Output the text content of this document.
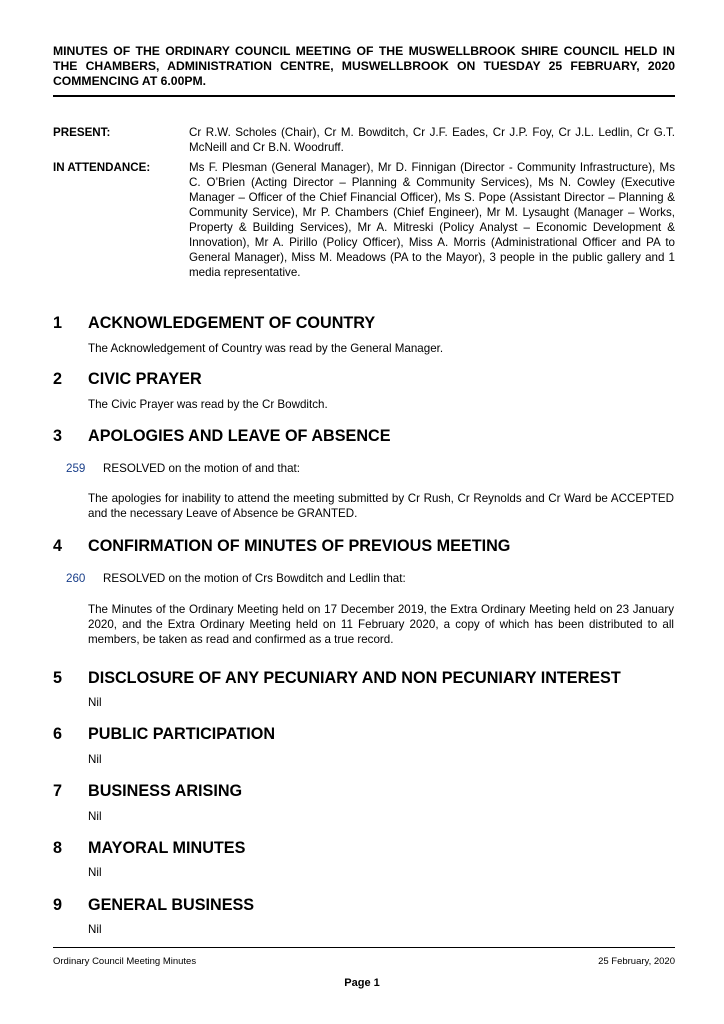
MINUTES OF THE ORDINARY COUNCIL MEETING OF THE MUSWELLBROOK SHIRE COUNCIL HELD IN THE CHAMBERS, ADMINISTRATION CENTRE, MUSWELLBROOK ON TUESDAY 25 FEBRUARY, 2020 COMMENCING AT 6.00PM.
PRESENT:	Cr R.W. Scholes (Chair), Cr M. Bowditch, Cr J.F. Eades, Cr J.P. Foy, Cr J.L. Ledlin, Cr G.T. McNeill and Cr B.N. Woodruff.
IN ATTENDANCE:	Ms F. Plesman (General Manager), Mr D. Finnigan (Director - Community Infrastructure), Ms C. O’Brien (Acting Director – Planning & Community Services), Ms N. Cowley (Executive Manager – Officer of the Chief Financial Officer), Ms S. Pope (Assistant Director – Planning & Community Service), Mr P. Chambers (Chief Engineer), Mr M. Lysaught (Manager – Works, Property & Building Services), Mr A. Mitreski (Policy Analyst – Economic Development & Innovation), Mr A. Pirillo (Policy Officer), Miss A. Morris (Administrational Officer and PA to General Manager), Miss M. Meadows (PA to the Mayor), 3 people in the public gallery and 1 media representative.
1 ACKNOWLEDGEMENT OF COUNTRY
The Acknowledgement of Country was read by the General Manager.
2 CIVIC PRAYER
The Civic Prayer was read by the Cr Bowditch.
3 APOLOGIES AND LEAVE OF ABSENCE
259 RESOLVED on the motion of and that:
The apologies for inability to attend the meeting submitted by Cr Rush, Cr Reynolds and Cr Ward be ACCEPTED and the necessary Leave of Absence be GRANTED.
4 CONFIRMATION OF MINUTES OF PREVIOUS MEETING
260 RESOLVED on the motion of Crs Bowditch and Ledlin that:
The Minutes of the Ordinary Meeting held on 17 December 2019, the Extra Ordinary Meeting held on 23 January 2020, and the Extra Ordinary Meeting held on 11 February 2020, a copy of which has been distributed to all members, be taken as read and confirmed as a true record.
5 DISCLOSURE OF ANY PECUNIARY AND NON PECUNIARY INTEREST
Nil
6 PUBLIC PARTICIPATION
Nil
7 BUSINESS ARISING
Nil
8 MAYORAL MINUTES
Nil
9 GENERAL BUSINESS
Nil
Ordinary Council Meeting Minutes	25 February, 2020
Page 1
